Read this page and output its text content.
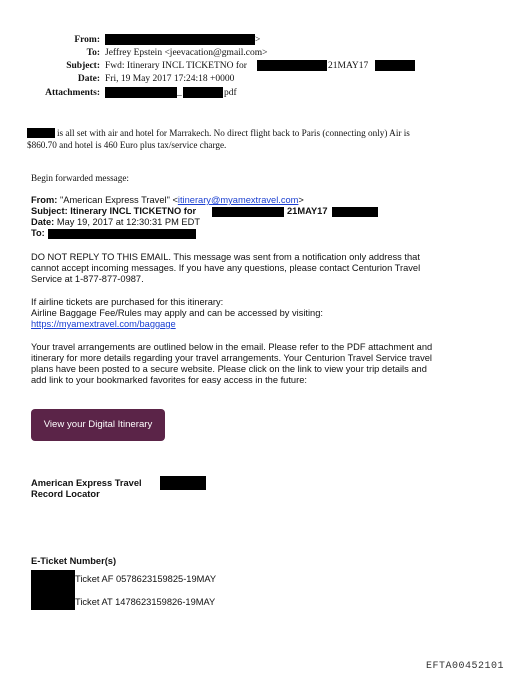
From:	>
To: Jeffrey Epstein <jeevacation@gmail.com>
Subject: Fwd: Itinerary INCL TICKETNO for	21MAY17
Date: Fri, 19 May 2017 17:24:18 +0000
Attachments:	_	pdf
is all set with air and hotel for Marrakech. No direct flight back to Paris (connecting only) Air is
$860.70 and hotel is 460 Euro plus tax/service charge.
Begin forwarded message:
From: "American Express Travel" <itinerary@myamextravel.com>
Subject: Itinerary INCL TICKETNO for	21MAY17
Date: May 19, 2017 at 12:30:31 PM EDT
To:
DO NOT REPLY TO THIS EMAIL. This message was sent from a notification only address that
cannot accept incoming messages. If you have any questions, please contact Centurion Travel
Service at 1-877-877-0987.
If airline tickets are purchased for this itinerary:
Airline Baggage Fee/Rules may apply and can be accessed by visiting:
https://myamextravel.com/baggage
Your travel arrangements are outlined below in the email. Please refer to the PDF attachment and
itinerary for more details regarding your travel arrangements. Your Centurion Travel Service travel
plans have been posted to a secure website. Please click on the link to view your trip details and
add link to your bookmarked favorites for easy access in the future:
View your Digital Itinerary
American Express Travel
Record Locator
E-Ticket Number(s)
Ticket AF 0578623159825-19MAY
Ticket AT 1478623159826-19MAY
EFTA00452101
